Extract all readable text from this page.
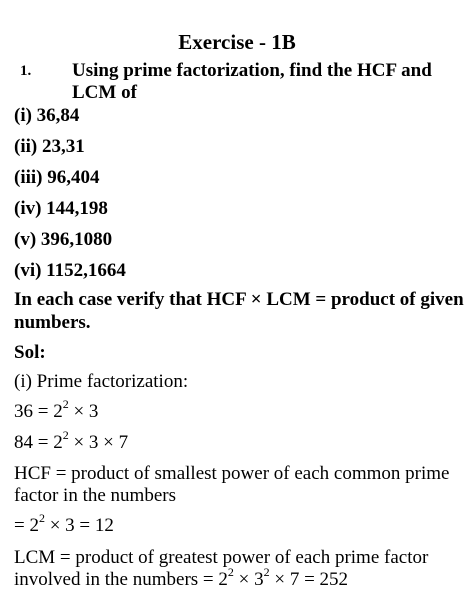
Exercise - 1B
1. Using prime factorization, find the HCF and LCM of
(i) 36,84
(ii) 23,31
(iii) 96,404
(iv) 144,198
(v) 396,1080
(vi) 1152,1664
In each case verify that HCF × LCM = product of given numbers.
Sol:
(i) Prime factorization:
$36 = 2^2 \times 3$
$84 = 2^2 \times 3 \times 7$
HCF = product of smallest power of each common prime factor in the numbers
= $2^2 \times 3 = 12$
LCM = product of greatest power of each prime factor involved in the numbers = $2^2 \times 3^2 \times 7 = 252$
